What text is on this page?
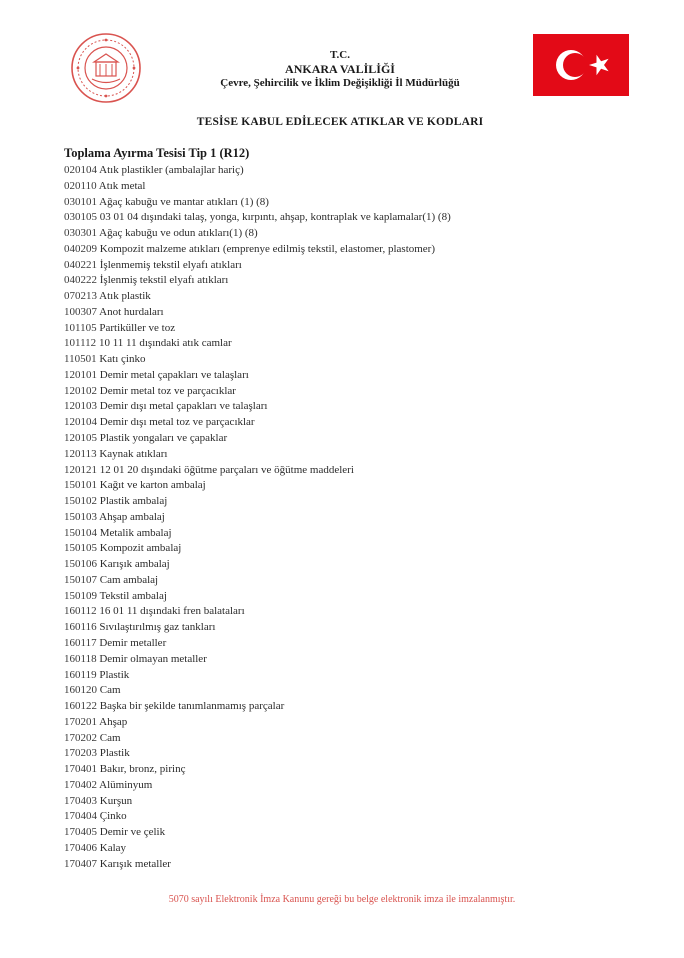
T.C.
ANKARA VALİLİĞİ
Çevre, Şehircilik ve İklim Değişikliği İl Müdürlüğü
TESİSE KABUL EDİLECEK ATIKLAR VE KODLARI
Toplama Ayırma Tesisi Tip 1 (R12)
020104 Atık plastikler (ambalajlar hariç)
020110 Atık metal
030101 Ağaç kabuğu ve mantar atıkları (1) (8)
030105 03 01 04 dışındaki talaş, yonga, kırpıntı, ahşap, kontraplak ve kaplamalar(1) (8)
030301 Ağaç kabuğu ve odun atıkları(1) (8)
040209 Kompozit malzeme atıkları (emprenye edilmiş tekstil, elastomer, plastomer)
040221 İşlenmemiş tekstil elyafı atıkları
040222 İşlenmiş tekstil elyafı atıkları
070213 Atık plastik
100307 Anot hurdaları
101105 Partiküller ve toz
101112 10 11 11 dışındaki atık camlar
110501 Katı çinko
120101 Demir metal çapakları ve talaşları
120102 Demir metal toz ve parçacıklar
120103 Demir dışı metal çapakları ve talaşları
120104 Demir dışı metal toz ve parçacıklar
120105 Plastik yongaları ve çapaklar
120113 Kaynak atıkları
120121 12 01 20 dışındaki öğütme parçaları ve öğütme maddeleri
150101 Kağıt ve karton ambalaj
150102 Plastik ambalaj
150103 Ahşap ambalaj
150104 Metalik ambalaj
150105 Kompozit ambalaj
150106 Karışık ambalaj
150107 Cam ambalaj
150109 Tekstil ambalaj
160112 16 01 11 dışındaki fren balataları
160116 Sıvılaştırılmış gaz tankları
160117 Demir metaller
160118 Demir olmayan metaller
160119 Plastik
160120 Cam
160122 Başka bir şekilde tanımlanmamış parçalar
170201 Ahşap
170202 Cam
170203 Plastik
170401 Bakır, bronz, pirinç
170402 Alüminyum
170403 Kurşun
170404 Çinko
170405 Demir ve çelik
170406 Kalay
170407 Karışık metaller
5070 sayılı Elektronik İmza Kanunu gereği bu belge elektronik imza ile imzalanmıştır.
